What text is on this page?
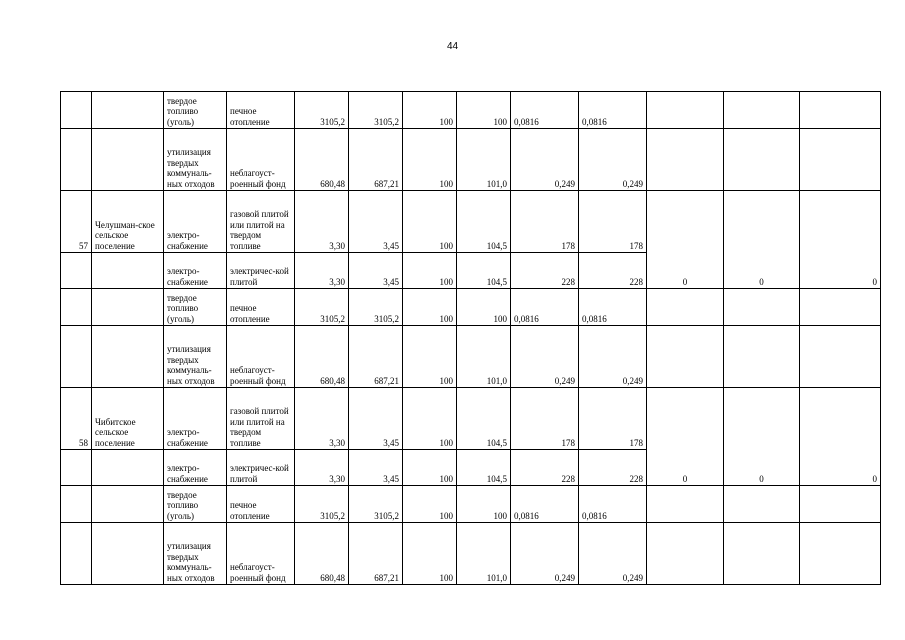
44
		твердое топливо (уголь)	печное отопление	3105,2	3105,2	100	100	0,0816	0,0816			
		утилизация твердых коммуналь-ных отходов	неблагоуст-роенный фонд	680,48	687,21	100	101,0	0,249	0,249			
57	Челушман-ское сельское поселение	электро-снабжение	газовой плитой или плитой на твердом топливе	3,30	3,45	100	104,5	178	178	0	0	0
		электро-снабжение	электричес-кой плитой	3,30	3,45	100	104,5	228	228			
		твердое топливо (уголь)	печное отопление	3105,2	3105,2	100	100	0,0816	0,0816			
		утилизация твердых коммуналь-ных отходов	неблагоуст-роенный фонд	680,48	687,21	100	101,0	0,249	0,249			
58	Чибитское сельское поселение	электро-снабжение	газовой плитой или плитой на твердом топливе	3,30	3,45	100	104,5	178	178	0	0	0
		электро-снабжение	электричес-кой плитой	3,30	3,45	100	104,5	228	228			
		твердое топливо (уголь)	печное отопление	3105,2	3105,2	100	100	0,0816	0,0816			
		утилизация твердых коммуналь-ных отходов	неблагоуст-роенный фонд	680,48	687,21	100	101,0	0,249	0,249			
